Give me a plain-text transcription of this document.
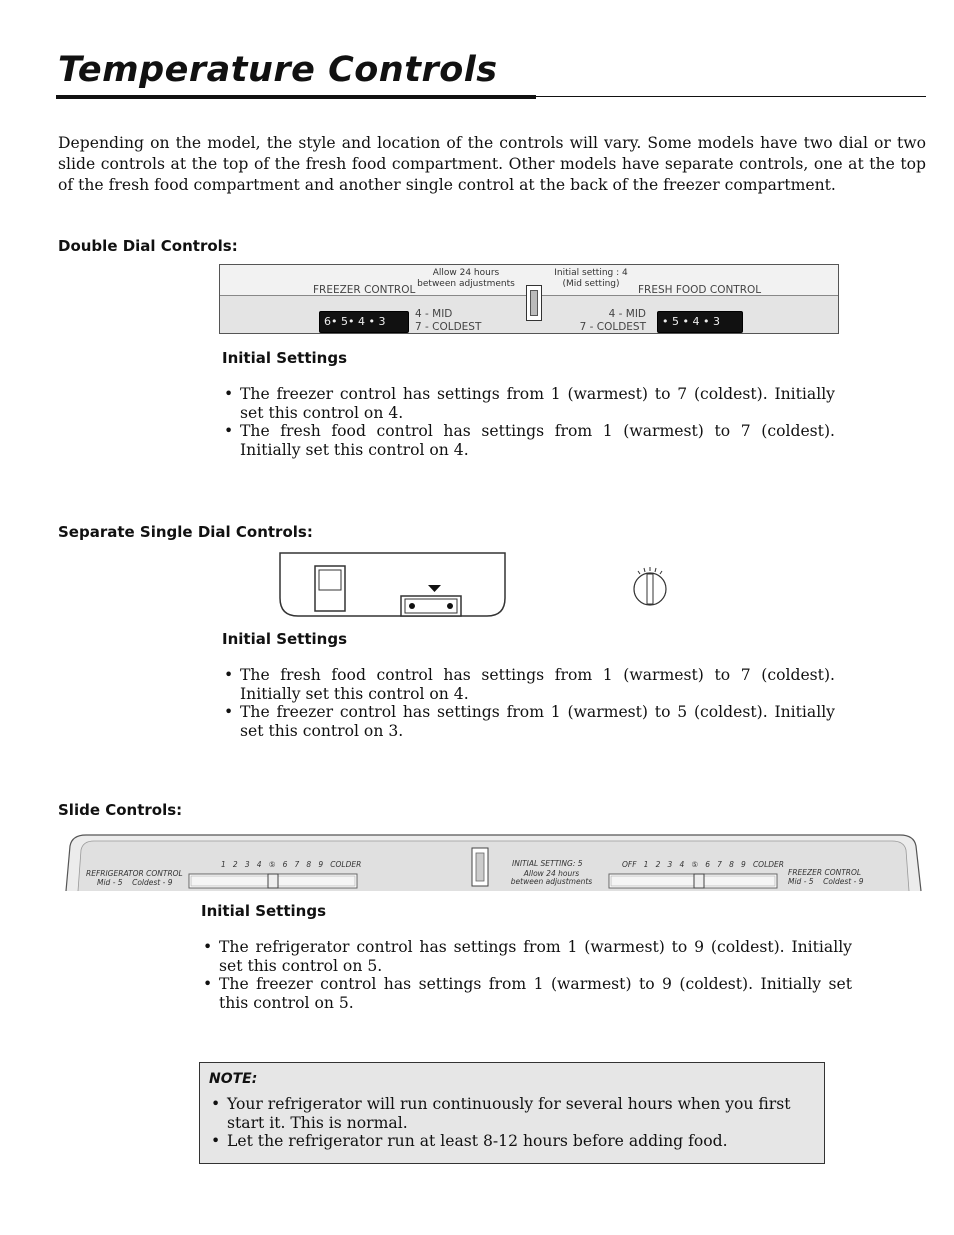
Temperature Controls
Depending on the model, the style and location of the controls will vary. Some models have two dial or two slide controls at the top of the fresh food compartment. Other models have separate controls, one at the top of the fresh food compartment and another single control at the back of the freezer compartment.
Double Dial Controls:
Allow 24 hours
between adjustments
Initial setting : 4
(Mid setting)
FREEZER CONTROL	FRESH FOOD CONTROL
6• 5• 4 • 3
4 - MID
7 - COLDEST
4 - MID
7 - COLDEST	• 5 • 4 • 3
Initial Settings
• The freezer control has settings from 1 (warmest) to 7 (coldest). Initially set this control on 4.
• The fresh food control has settings from 1 (warmest) to 7 (coldest). Initially set this control on 4.
Separate Single Dial Controls:
Initial Settings
• The fresh food control has settings from 1 (warmest) to 7 (coldest). Initially set this control on 4.
• The freezer control has settings from 1 (warmest) to 5 (coldest). Initially set this control on 3.
Slide Controls:
1   2   3   4   ⑤   6   7   8   9   COLDER
REFRIGERATOR CONTROL
Mid - 5    Coldest - 9
INITIAL SETTING: 5
Allow 24 hours
between adjustments
OFF   1   2   3   4   ⑤   6   7   8   9   COLDER
FREEZER CONTROL
Mid - 5    Coldest - 9
Initial Settings
• The refrigerator control has settings from 1 (warmest) to 9 (coldest). Initially set this control on 5.
• The freezer control has settings from 1 (warmest) to 9 (coldest). Initially set this control on 5.
NOTE:
• Your refrigerator will run continuously for several hours when you first start it. This is normal.
• Let the refrigerator run at least 8-12 hours before adding food.
